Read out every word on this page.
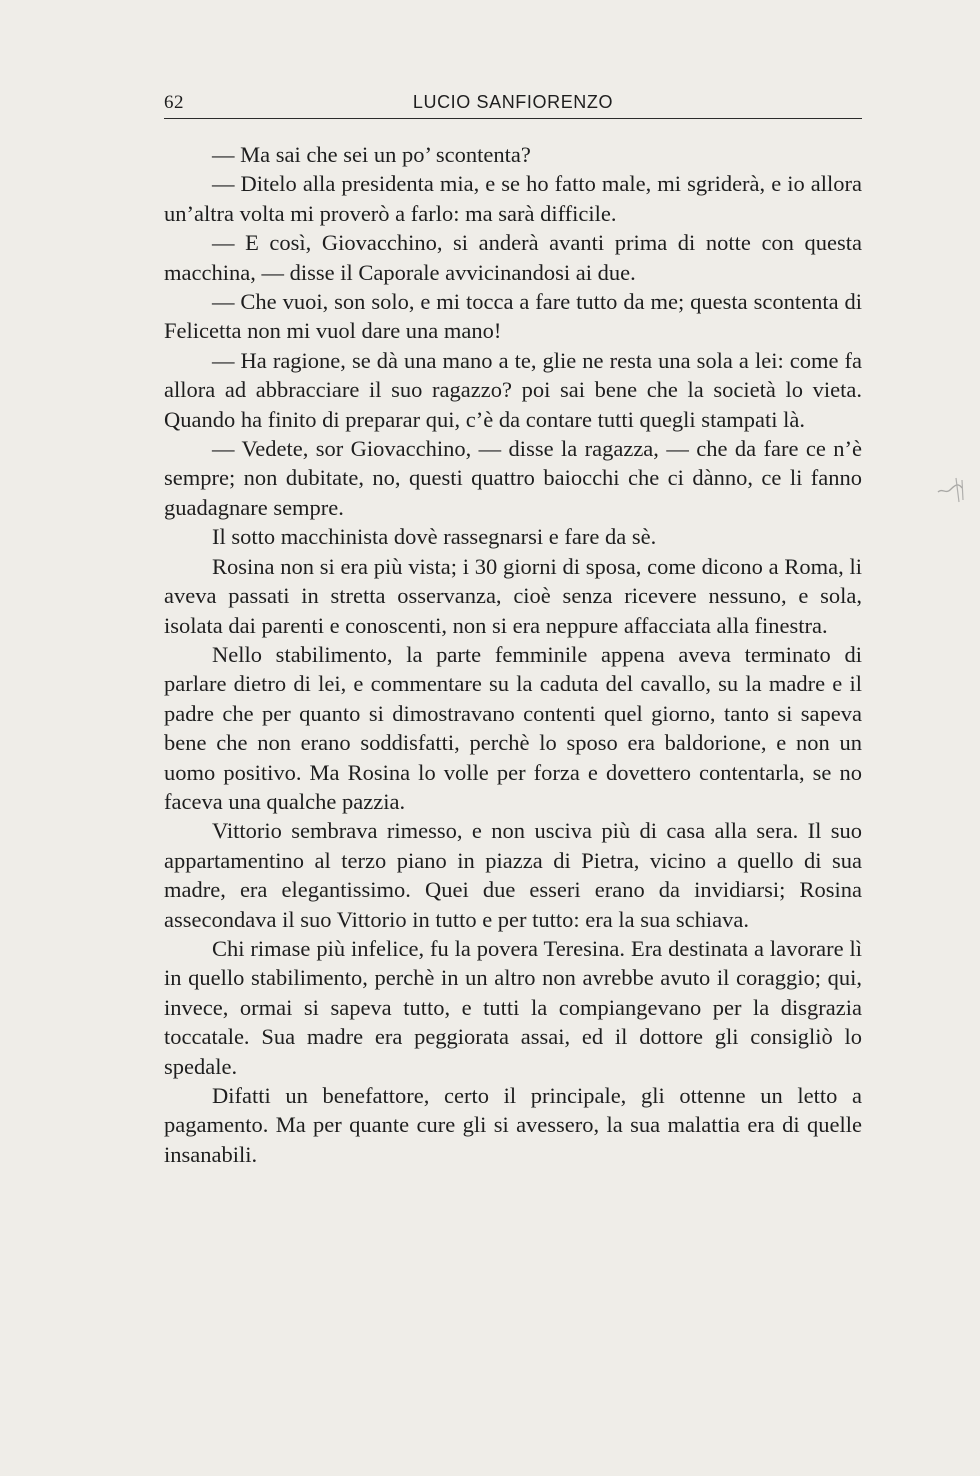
62	LUCIO SANFIORENZO

— Ma sai che sei un po’ scontenta?

— Ditelo alla presidenta mia, e se ho fatto male, mi sgriderà, e io allora un’altra volta mi proverò a farlo: ma sarà difficile.

— E così, Giovacchino, si anderà avanti prima di notte con questa macchina, — disse il Caporale avvicinandosi ai due.

— Che vuoi, son solo, e mi tocca a fare tutto da me; questa scontenta di Felicetta non mi vuol dare una mano!

— Ha ragione, se dà una mano a te, glie ne resta una sola a lei: come fa allora ad abbracciare il suo ragazzo? poi sai bene che la società lo vieta. Quando ha finito di preparar qui, c’è da contare tutti quegli stampati là.

— Vedete, sor Giovacchino, — disse la ragazza, — che da fare ce n’è sempre; non dubitate, no, questi quattro baiocchi che ci dànno, ce li fanno guadagnare sempre.

Il sotto macchinista dovè rassegnarsi e fare da sè.

Rosina non si era più vista; i 30 giorni di sposa, come dicono a Roma, li aveva passati in stretta osservanza, cioè senza ricevere nessuno, e sola, isolata dai parenti e conoscenti, non si era neppure affacciata alla finestra.

Nello stabilimento, la parte femminile appena aveva terminato di parlare dietro di lei, e commentare su la caduta del cavallo, su la madre e il padre che per quanto si dimostravano contenti quel giorno, tanto si sapeva bene che non erano soddisfatti, perchè lo sposo era baldorione, e non un uomo positivo. Ma Rosina lo volle per forza e dovettero contentarla, se no faceva una qualche pazzia.

Vittorio sembrava rimesso, e non usciva più di casa alla sera. Il suo appartamentino al terzo piano in piazza di Pietra, vicino a quello di sua madre, era elegantissimo. Quei due esseri erano da invidiarsi; Rosina assecondava il suo Vittorio in tutto e per tutto: era la sua schiava.

Chi rimase più infelice, fu la povera Teresina. Era destinata a lavorare lì in quello stabilimento, perchè in un altro non avrebbe avuto il coraggio; qui, invece, ormai si sapeva tutto, e tutti la compiangevano per la disgrazia toccatale. Sua madre era peggiorata assai, ed il dottore gli consigliò lo spedale.

Difatti un benefattore, certo il principale, gli ottenne un letto a pagamento. Ma per quante cure gli si avessero, la sua malattia era di quelle insanabili.
